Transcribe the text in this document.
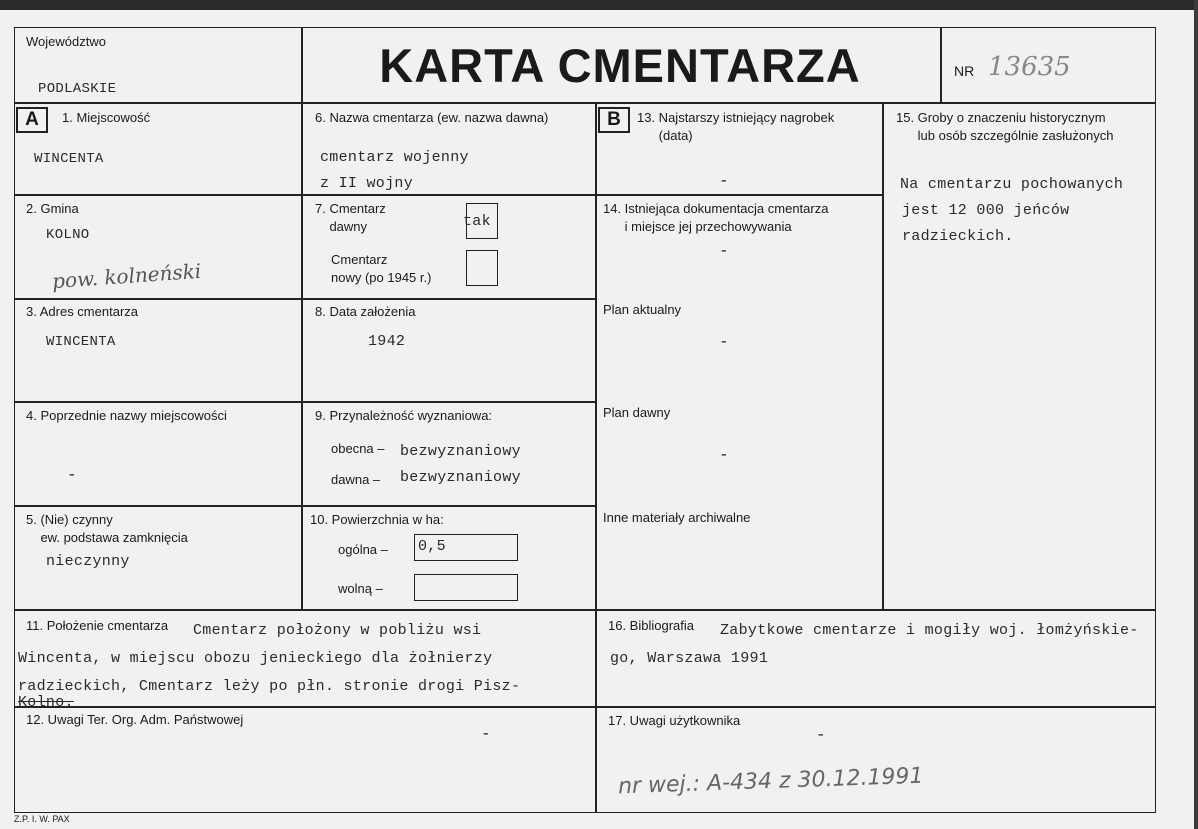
Województwo
PODLASKIE	KARTA CMENTARZA	NR 13635
A	B
1. Miejscowość
WINCENTA
2. Gmina
KOLNO
pow. kolneński
3. Adres cmentarza
WINCENTA
4. Poprzednie nazwy miejscowości
-
5. (Nie) czynny
ew. podstawa zamknięcia
nieczynny
6. Nazwa cmentarza (ew. nazwa dawna)
cmentarz wojenny
z II wojny
7. Cmentarz
dawny	tak
Cmentarz
nowy (po 1945 r.)
8. Data założenia
1942
9. Przynależność wyznaniowa:
obecna – bezwyznaniowy
dawna – bezwyznaniowy
10. Powierzchnia w ha:
ogólna – 0,5
wolną –
13. Najstarszy istniejący nagrobek
(data)
-
14. Istniejąca dokumentacja cmentarza
i miejsce jej przechowywania
-
Plan aktualny
-
Plan dawny
-
Inne materiały archiwalne
15. Groby o znaczeniu historycznym
lub osób szczególnie zasłużonych
Na cmentarzu pochowanych
jest 12 000 jeńców
radzieckich.
11. Położenie cmentarza Cmentarz położony w pobliżu wsi
Wincenta, w miejscu obozu jenieckiego dla żołnierzy
radzieckich, Cmentarz leży po płn. stronie drogi Pisz-
Kolno.
12. Uwagi Ter. Org. Adm. Państwowej
-
16. Bibliografia Zabytkowe cmentarze i mogiły woj. łomżyńskie-
go, Warszawa 1991
17. Uwagi użytkownika
-
nr wej.: A-434 z 30.12.1991
Z.P. I. W. PAX
